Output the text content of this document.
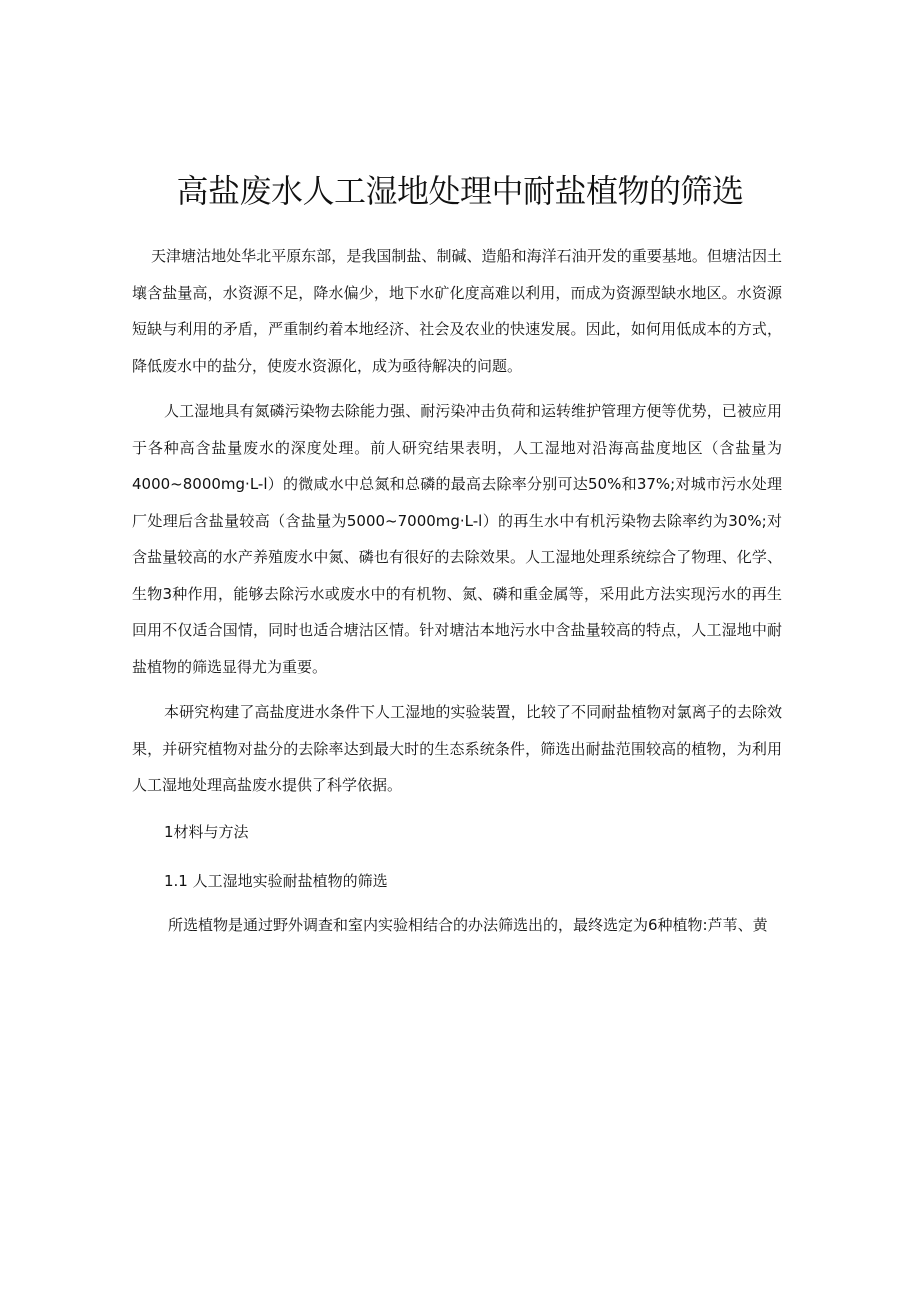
高盐废水人工湿地处理中耐盐植物的筛选

天津塘沽地处华北平原东部，是我国制盐、制碱、造船和海洋石油开发的重要基地。但塘沽因土壤含盐量高，水资源不足，降水偏少，地下水矿化度高难以利用，而成为资源型缺水地区。水资源短缺与利用的矛盾，严重制约着本地经济、社会及农业的快速发展。因此，如何用低成本的方式，降低废水中的盐分，使废水资源化，成为亟待解决的问题。

人工湿地具有氮磷污染物去除能力强、耐污染冲击负荷和运转维护管理方便等优势，已被应用于各种高含盐量废水的深度处理。前人研究结果表明，人工湿地对沿海高盐度地区（含盐量为4000~8000mg·L-l）的微咸水中总氮和总磷的最高去除率分别可达50%和37%;对城市污水处理厂处理后含盐量较高（含盐量为5000~7000mg·L-l）的再生水中有机污染物去除率约为30%;对含盐量较高的水产养殖废水中氮、磷也有很好的去除效果。人工湿地处理系统综合了物理、化学、生物3种作用，能够去除污水或废水中的有机物、氮、磷和重金属等，采用此方法实现污水的再生回用不仅适合国情，同时也适合塘沽区情。针对塘沽本地污水中含盐量较高的特点，人工湿地中耐盐植物的筛选显得尤为重要。

本研究构建了高盐度进水条件下人工湿地的实验装置，比较了不同耐盐植物对氯离子的去除效果，并研究植物对盐分的去除率达到最大时的生态系统条件，筛选出耐盐范围较高的植物，为利用人工湿地处理高盐废水提供了科学依据。

1材料与方法

1.1 人工湿地实验耐盐植物的筛选

所选植物是通过野外调查和室内实验相结合的办法筛选出的，最终选定为6种植物:芦苇、黄
